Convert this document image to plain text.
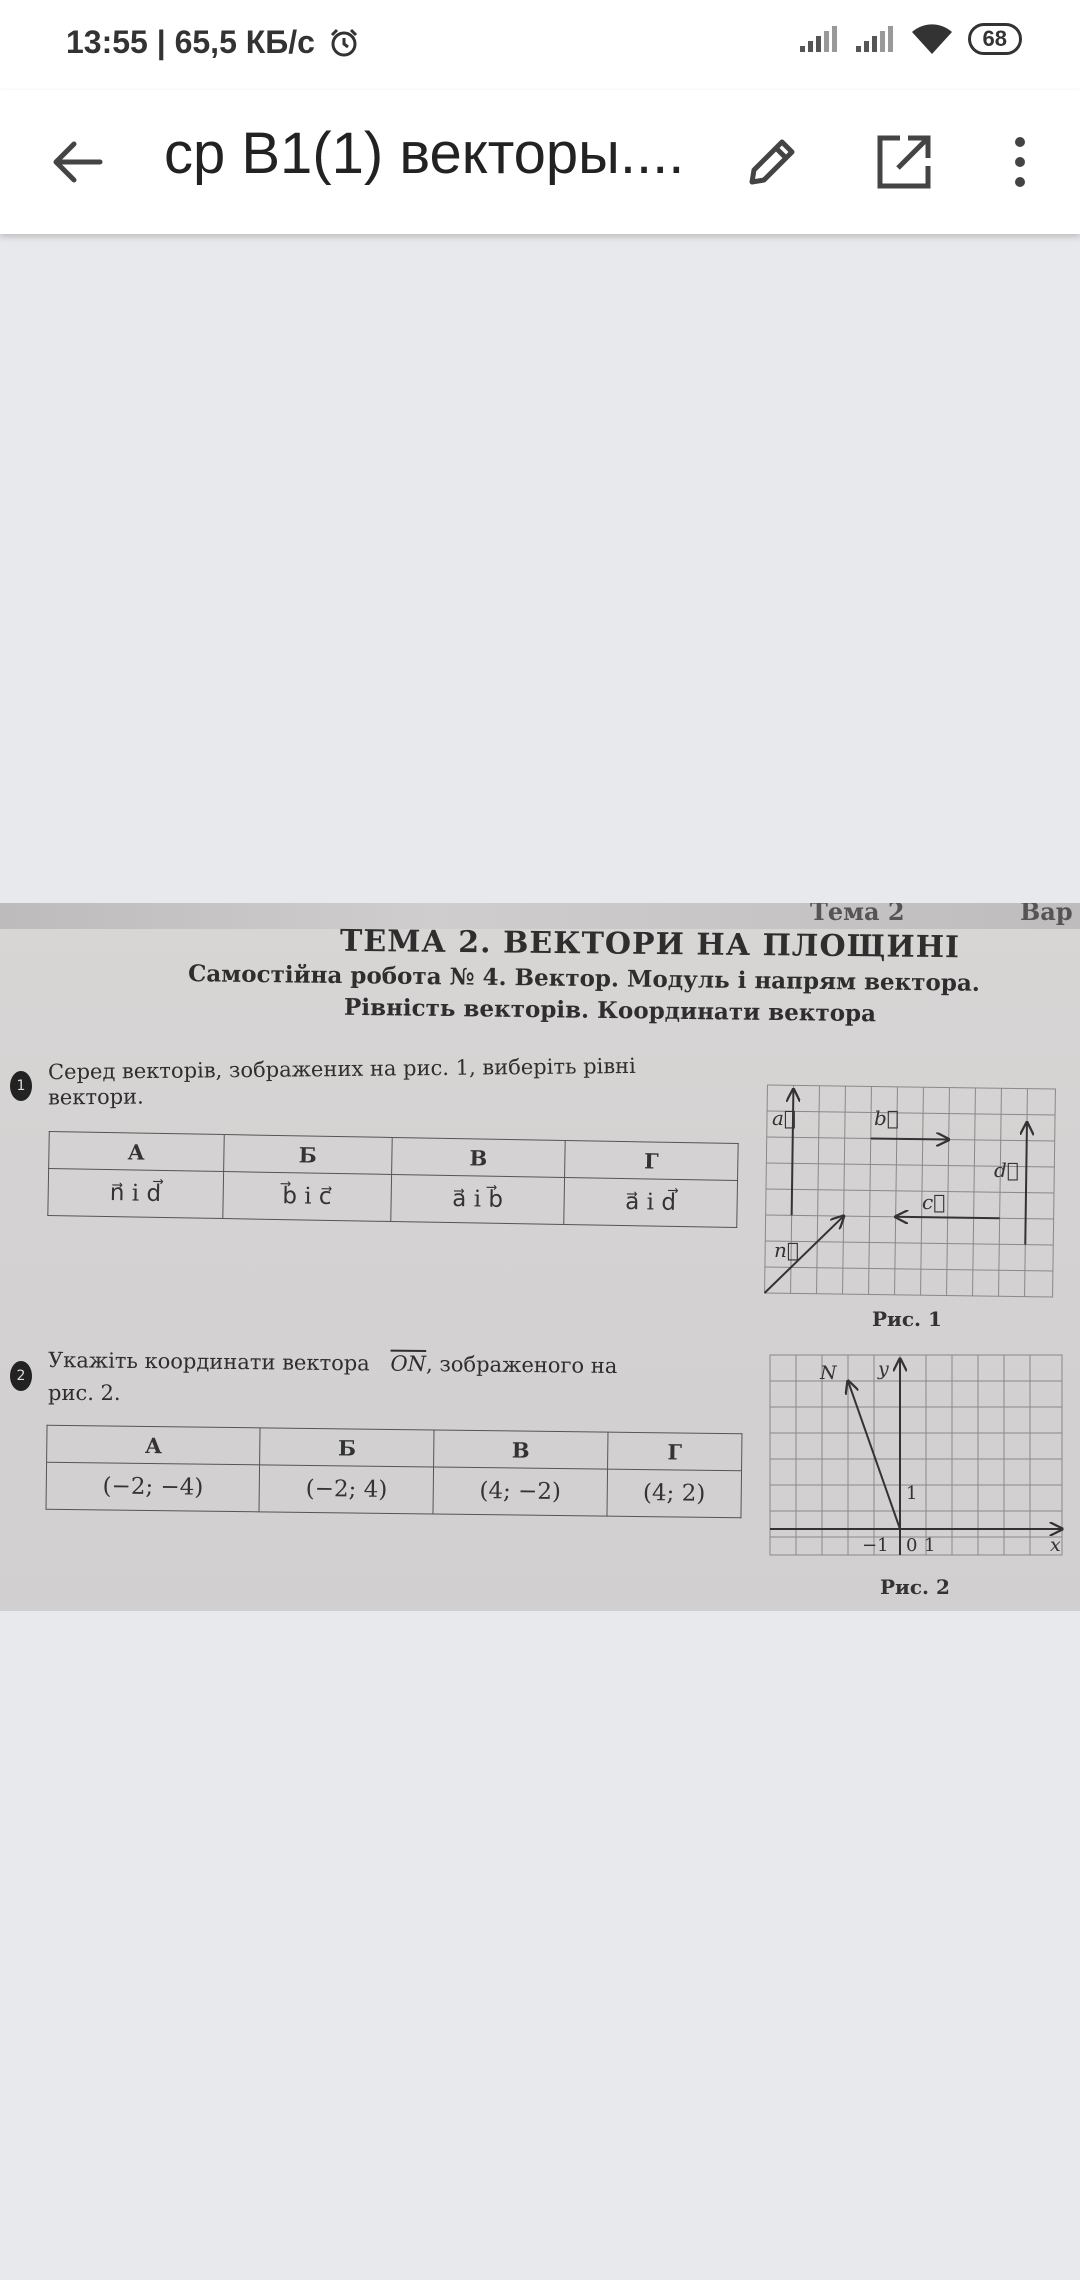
13:55 | 65,5 КБ/с	68
ср В1(1) векторы....
Тема 2	Вар
ТЕМА 2. ВЕКТОРИ НА ПЛОЩИНІ
Самостійна робота № 4. Вектор. Модуль і напрям вектора.
Рівність векторів. Координати вектора
1
Серед векторів, зображених на рис. 1, виберіть рівні
вектори.
А	Б	В	Г
n⃗ і d⃗	b⃗ і c⃗	a⃗ і b⃗	a⃗ і d⃗
a⃗	b⃗
c⃗
d⃗
n⃗
Рис. 1
2
Укажіть координати вектора $\overline{ON}$, зображеного на
рис. 2.
А	Б	В	Г
(−2; −4)	(−2; 4)	(4; −2)	(4; 2)
N y
x
1
−1 0 1
Рис. 2
